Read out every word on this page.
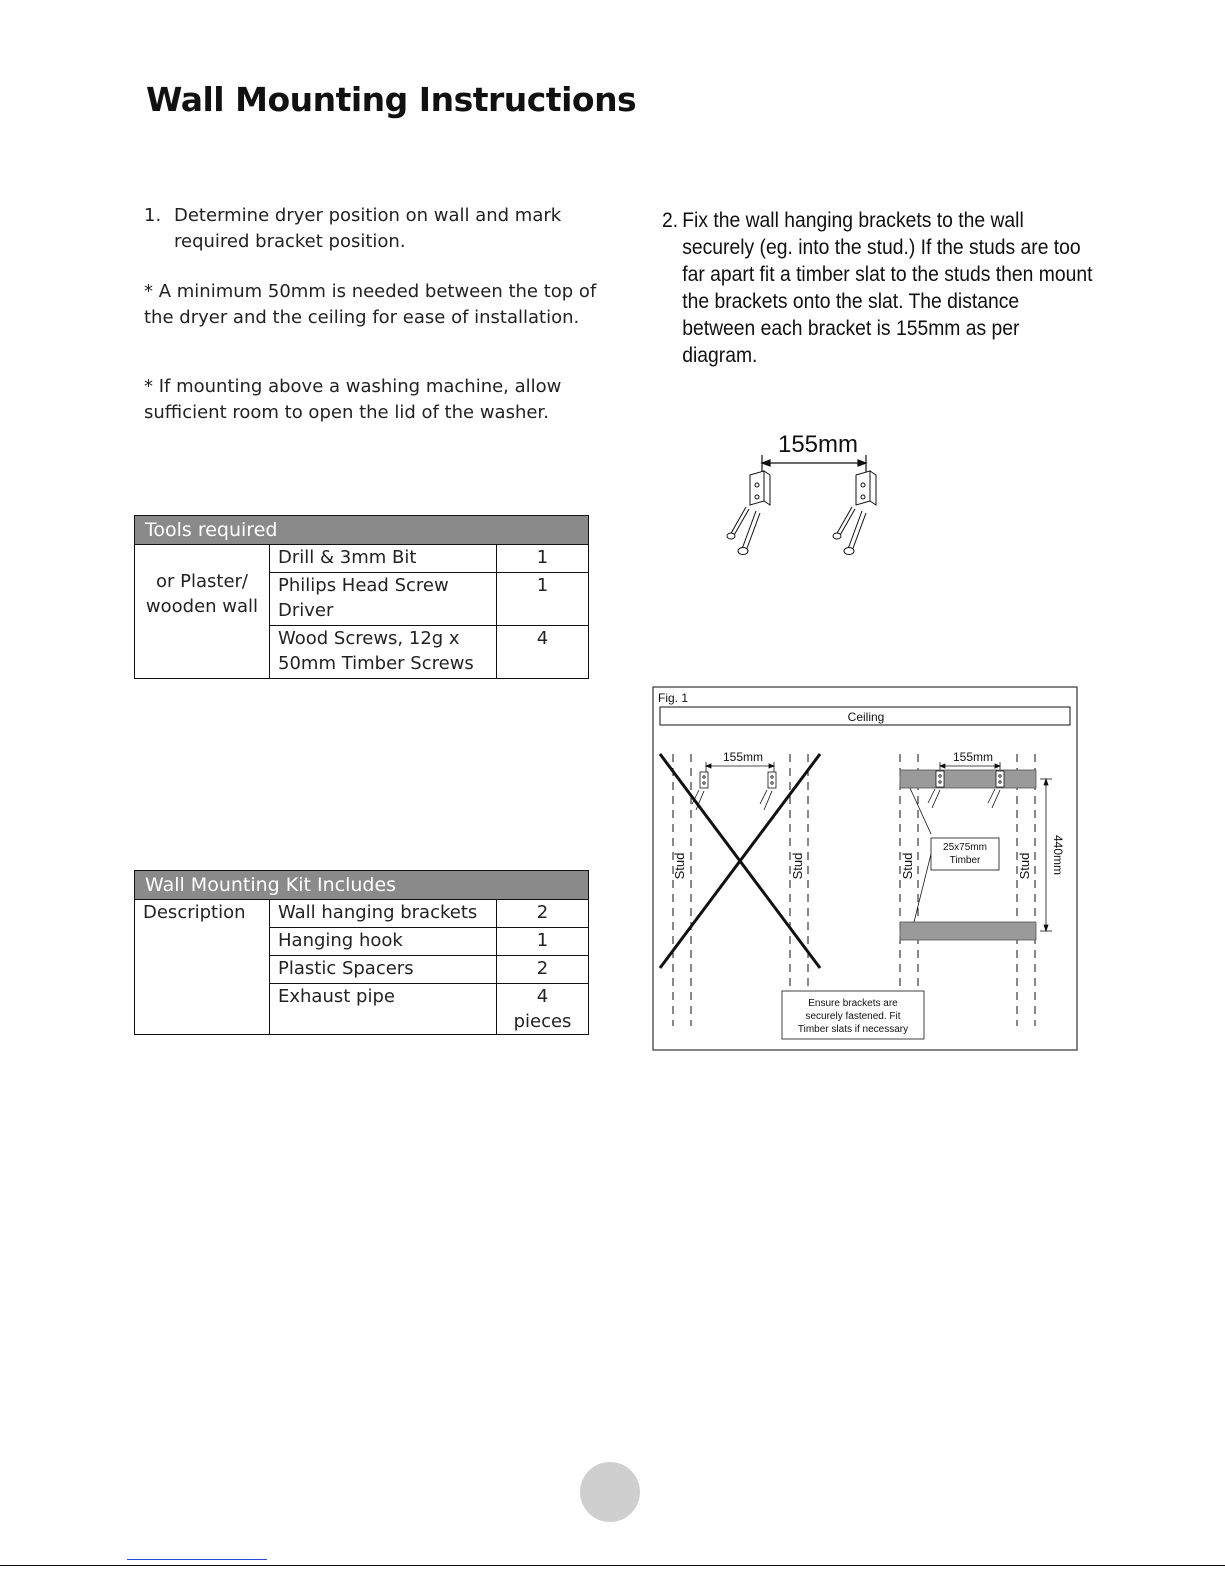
Wall Mounting Instructions
1. Determine dryer position on wall and mark required bracket position.
* A minimum 50mm is needed between the top of the dryer and the ceiling for ease of installation.
* If mounting above a washing machine, allow sufficient room to open the lid of the washer.
2. Fix the wall hanging brackets to the wall securely (eg. into the stud.) If the studs are too far apart fit a timber slat to the studs then mount the brackets onto the slat. The distance between each bracket is 155mm as per diagram.
Tools required		
or Plaster/ wooden wall	Drill & 3mm Bit	1
	Philips Head Screw Driver	1
	Wood Screws, 12g x 50mm Timber Screws	4
Wall Mounting Kit Includes		
Description	Wall hanging brackets	2
	Hanging hook	1
	Plastic Spacers	2
	Exhaust pipe	4 pieces
155mm
Fig. 1
Ceiling
Stud	Stud	Stud	Stud
155mm	155mm
25x75mm
Timber	440mm
Ensure brackets are
securely fastened. Fit
Timber slats if necessary
